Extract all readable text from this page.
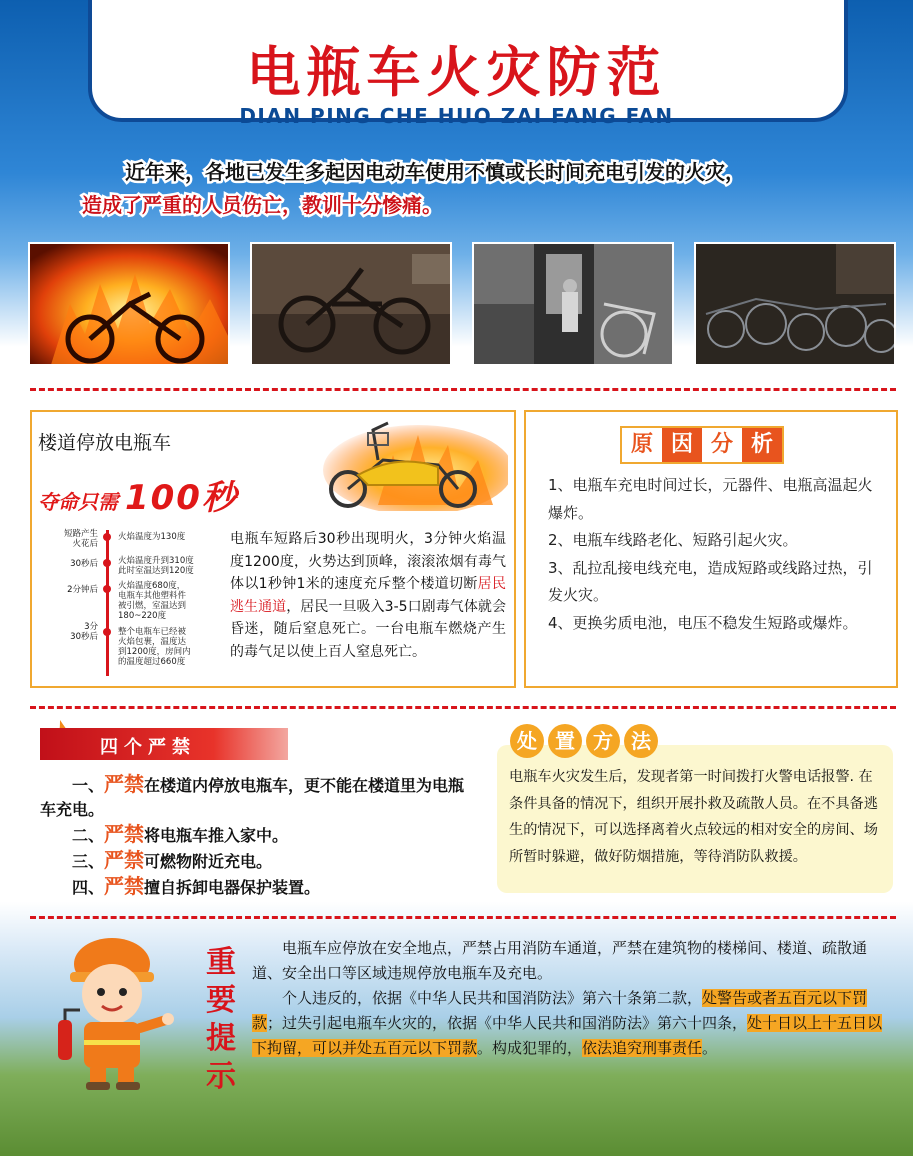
电瓶车火灾防范
DIAN PING CHE HUO ZAI FANG FAN
近年来，各地已发生多起因电动车使用不慎或长时间充电引发的火灾，
造成了严重的人员伤亡，教训十分惨痛。
楼道停放电瓶车
夺命只需 100秒
短路产生
火花后
30秒后
2分钟后
3分
30秒后
火焰温度为130度
火焰温度升到310度
此时室温达到120度
火焰温度680度，
电瓶车其他塑料件
被引燃，室温达到
180~220度
整个电瓶车已经被
火焰包裹，温度达
到1200度，房间内
的温度超过660度
电瓶车短路后30秒出现明火，3分钟火焰温度1200度，火势达到顶峰，滚滚浓烟有毒气体以1秒钟1米的速度充斥整个楼道切断居民逃生通道，居民一旦吸入3-5口剧毒气体就会昏迷，随后窒息死亡。一台电瓶车燃烧产生的毒气足以使上百人窒息死亡。
原 因 分 析

1、电瓶车充电时间过长，元器件、电瓶高温起火爆炸。

2、电瓶车线路老化、短路引起火灾。

3、乱拉乱接电线充电，造成短路或线路过热，引发火灾。

4、更换劣质电池，电压不稳发生短路或爆炸。

四个严禁

一、严禁在楼道内停放电瓶车，更不能在楼道里为电瓶车充电。

二、严禁将电瓶车推入家中。

三、严禁可燃物附近充电。

四、严禁擅自拆卸电器保护装置。

处 置 方 法
电瓶车火灾发生后，发现者第一时间拨打火警电话报警. 在条件具备的情况下，组织开展扑救及疏散人员。在不具备逃生的情况下，可以选择离着火点较远的相对安全的房间、场所暂时躲避，做好防烟措施，等待消防队救援。
重要提示
电瓶车应停放在安全地点，严禁占用消防车通道，严禁在建筑物的楼梯间、楼道、疏散通道、安全出口等区域违规停放电瓶车及充电。
个人违反的，依据《中华人民共和国消防法》第六十条第二款，处警告或者五百元以下罚款；过失引起电瓶车火灾的，依据《中华人民共和国消防法》第六十四条，处十日以上十五日以下拘留，可以并处五百元以下罚款。构成犯罪的，依法追究刑事责任。
